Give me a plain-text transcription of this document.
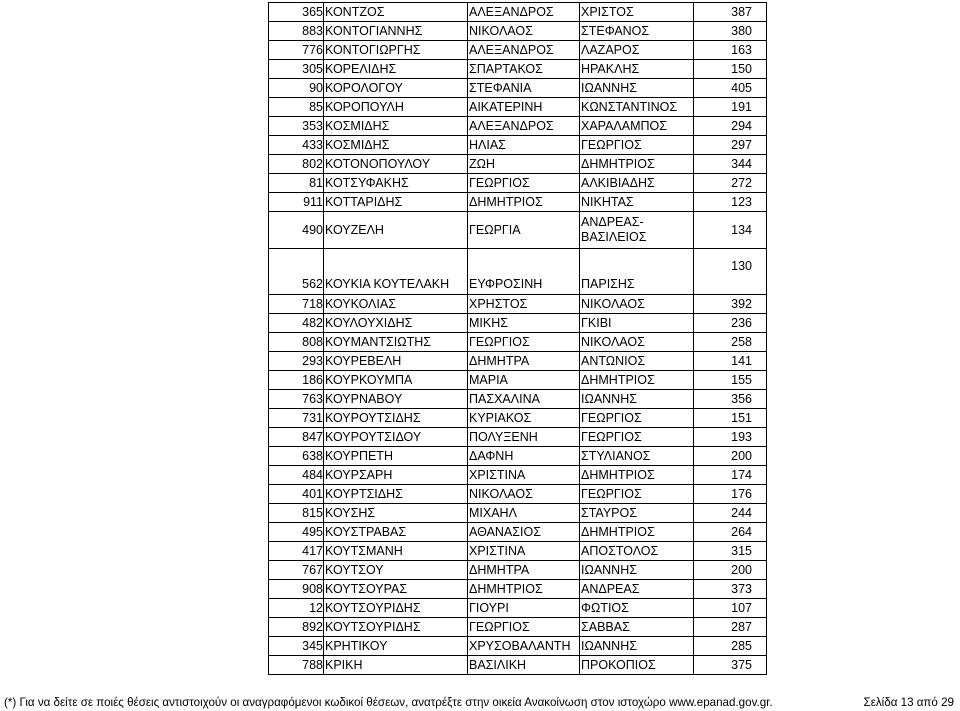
365	ΚΟΝΤΖΟΣ	ΑΛΕΞΑΝΔΡΟΣ	ΧΡΙΣΤΟΣ	387
883	ΚΟΝΤΟΓΙΑΝΝΗΣ	ΝΙΚΟΛΑΟΣ	ΣΤΕΦΑΝΟΣ	380
776	ΚΟΝΤΟΓΙΩΡΓΗΣ	ΑΛΕΞΑΝΔΡΟΣ	ΛΑΖΑΡΟΣ	163
305	ΚΟΡΕΛΙΔΗΣ	ΣΠΑΡΤΑΚΟΣ	ΗΡΑΚΛΗΣ	150
90	ΚΟΡΟΛΟΓΟΥ	ΣΤΕΦΑΝΙΑ	ΙΩΑΝΝΗΣ	405
85	ΚΟΡΟΠΟΥΛΗ	ΑΙΚΑΤΕΡΙΝΗ	ΚΩΝΣΤΑΝΤΙΝΟΣ	191
353	ΚΟΣΜΙΔΗΣ	ΑΛΕΞΑΝΔΡΟΣ	ΧΑΡΑΛΑΜΠΟΣ	294
433	ΚΟΣΜΙΔΗΣ	ΗΛΙΑΣ	ΓΕΩΡΓΙΟΣ	297
802	ΚΟΤΟΝΟΠΟΥΛΟΥ	ΖΩΗ	ΔΗΜΗΤΡΙΟΣ	344
81	ΚΟΤΣΥΦΑΚΗΣ	ΓΕΩΡΓΙΟΣ	ΑΛΚΙΒΙΑΔΗΣ	272
911	ΚΟΤΤΑΡΙΔΗΣ	ΔΗΜΗΤΡΙΟΣ	ΝΙΚΗΤΑΣ	123
490	ΚΟΥΖΕΛΗ	ΓΕΩΡΓΙΑ	ΑΝΔΡΕΑΣ-
ΒΑΣΙΛΕΙΟΣ	134
562	ΚΟΥΚΙΑ ΚΟΥΤΕΛΑΚΗ	ΕΥΦΡΟΣΙΝΗ	ΠΑΡΙΣΗΣ	130
718	ΚΟΥΚΟΛΙΑΣ	ΧΡΗΣΤΟΣ	ΝΙΚΟΛΑΟΣ	392
482	ΚΟΥΛΟΥΧΙΔΗΣ	ΜΙΚΗΣ	ΓΚΙΒΙ	236
808	ΚΟΥΜΑΝΤΣΙΩΤΗΣ	ΓΕΩΡΓΙΟΣ	ΝΙΚΟΛΑΟΣ	258
293	ΚΟΥΡΕΒΕΛΗ	ΔΗΜΗΤΡΑ	ΑΝΤΩΝΙΟΣ	141
186	ΚΟΥΡΚΟΥΜΠΑ	ΜΑΡΙΑ	ΔΗΜΗΤΡΙΟΣ	155
763	ΚΟΥΡΝΑΒΟΥ	ΠΑΣΧΑΛΙΝΑ	ΙΩΑΝΝΗΣ	356
731	ΚΟΥΡΟΥΤΣΙΔΗΣ	ΚΥΡΙΑΚΟΣ	ΓΕΩΡΓΙΟΣ	151
847	ΚΟΥΡΟΥΤΣΙΔΟΥ	ΠΟΛΥΞΕΝΗ	ΓΕΩΡΓΙΟΣ	193
638	ΚΟΥΡΠΕΤΗ	ΔΑΦΝΗ	ΣΤΥΛΙΑΝΟΣ	200
484	ΚΟΥΡΣΑΡΗ	ΧΡΙΣΤΙΝΑ	ΔΗΜΗΤΡΙΟΣ	174
401	ΚΟΥΡΤΣΙΔΗΣ	ΝΙΚΟΛΑΟΣ	ΓΕΩΡΓΙΟΣ	176
815	ΚΟΥΣΗΣ	ΜΙΧΑΗΛ	ΣΤΑΥΡΟΣ	244
495	ΚΟΥΣΤΡΑΒΑΣ	ΑΘΑΝΑΣΙΟΣ	ΔΗΜΗΤΡΙΟΣ	264
417	ΚΟΥΤΣΜΑΝΗ	ΧΡΙΣΤΙΝΑ	ΑΠΟΣΤΟΛΟΣ	315
767	ΚΟΥΤΣΟΥ	ΔΗΜΗΤΡΑ	ΙΩΑΝΝΗΣ	200
908	ΚΟΥΤΣΟΥΡΑΣ	ΔΗΜΗΤΡΙΟΣ	ΑΝΔΡΕΑΣ	373
12	ΚΟΥΤΣΟΥΡΙΔΗΣ	ΓΙΟΥΡΙ	ΦΩΤΙΟΣ	107
892	ΚΟΥΤΣΟΥΡΙΔΗΣ	ΓΕΩΡΓΙΟΣ	ΣΑΒΒΑΣ	287
345	ΚΡΗΤΙΚΟΥ	ΧΡΥΣΟΒΑΛΑΝΤΗ	ΙΩΑΝΝΗΣ	285
788	ΚΡΙΚΗ	ΒΑΣΙΛΙΚΗ	ΠΡΟΚΟΠΙΟΣ	375
(*) Για να δείτε σε ποιές θέσεις αντιστοιχούν οι αναγραφόμενοι κωδικοί θέσεων, ανατρέξτε στην οικεία Ανακοίνωση στον ιστοχώρο www.epanad.gov.gr.	Σελίδα 13 από 29
